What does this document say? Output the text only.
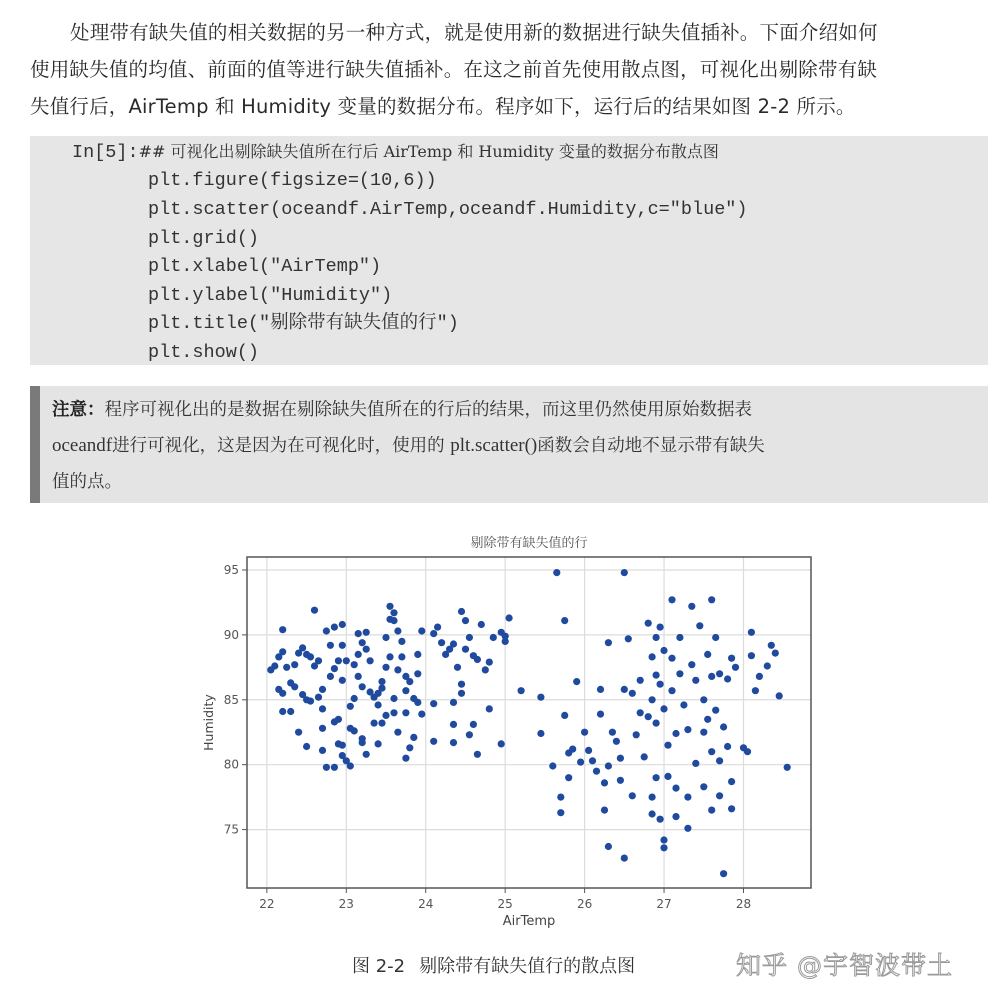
处理带有缺失值的相关数据的另一种方式，就是使用新的数据进行缺失值插补。下面介绍如何
使用缺失值的均值、前面的值等进行缺失值插补。在这之前首先使用散点图，可视化出剔除带有缺
失值行后，AirTemp 和 Humidity 变量的数据分布。程序如下，运行后的结果如图 2-2 所示。
In[5]:## 可视化出剔除缺失值所在行后 AirTemp 和 Humidity 变量的数据分布散点图
plt.figure(figsize=(10,6))
plt.scatter(oceandf.AirTemp,oceandf.Humidity,c="blue")
plt.grid()
plt.xlabel("AirTemp")
plt.ylabel("Humidity")
plt.title("剔除带有缺失值的行")
plt.show()
注意：程序可视化出的是数据在剔除缺失值所在的行后的结果，而这里仍然使用原始数据表
oceandf进行可视化，这是因为在可视化时，使用的 plt.scatter()函数会自动地不显示带有缺失
值的点。
22	23	24	25	26	27	28
75
80
85
90
95
剔除带有缺失值的行
AirTemp
Humidity
图 2-2 剔除带有缺失值行的散点图	知乎 @宇智波带土
